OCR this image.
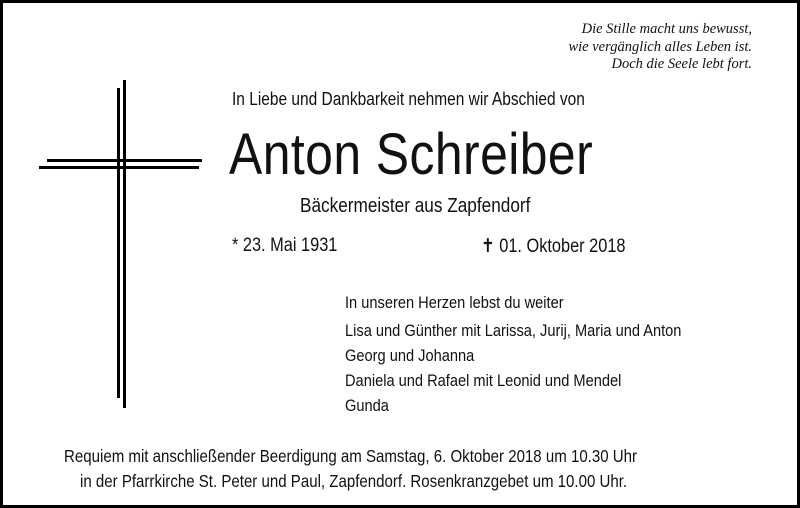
Die Stille macht uns bewusst,
wie vergänglich alles Leben ist.
Doch die Seele lebt fort.
In Liebe und Dankbarkeit nehmen wir Abschied von
Anton Schreiber
Bäckermeister aus Zapfendorf
* 23. Mai 1931	✝ 01. Oktober 2018
In unseren Herzen lebst du weiter
Lisa und Günther mit Larissa, Jurij, Maria und Anton
Georg und Johanna
Daniela und Rafael mit Leonid und Mendel
Gunda
Requiem mit anschließender Beerdigung am Samstag, 6. Oktober 2018 um 10.30 Uhr
in der Pfarrkirche St. Peter und Paul, Zapfendorf. Rosenkranzgebet um 10.00 Uhr.
